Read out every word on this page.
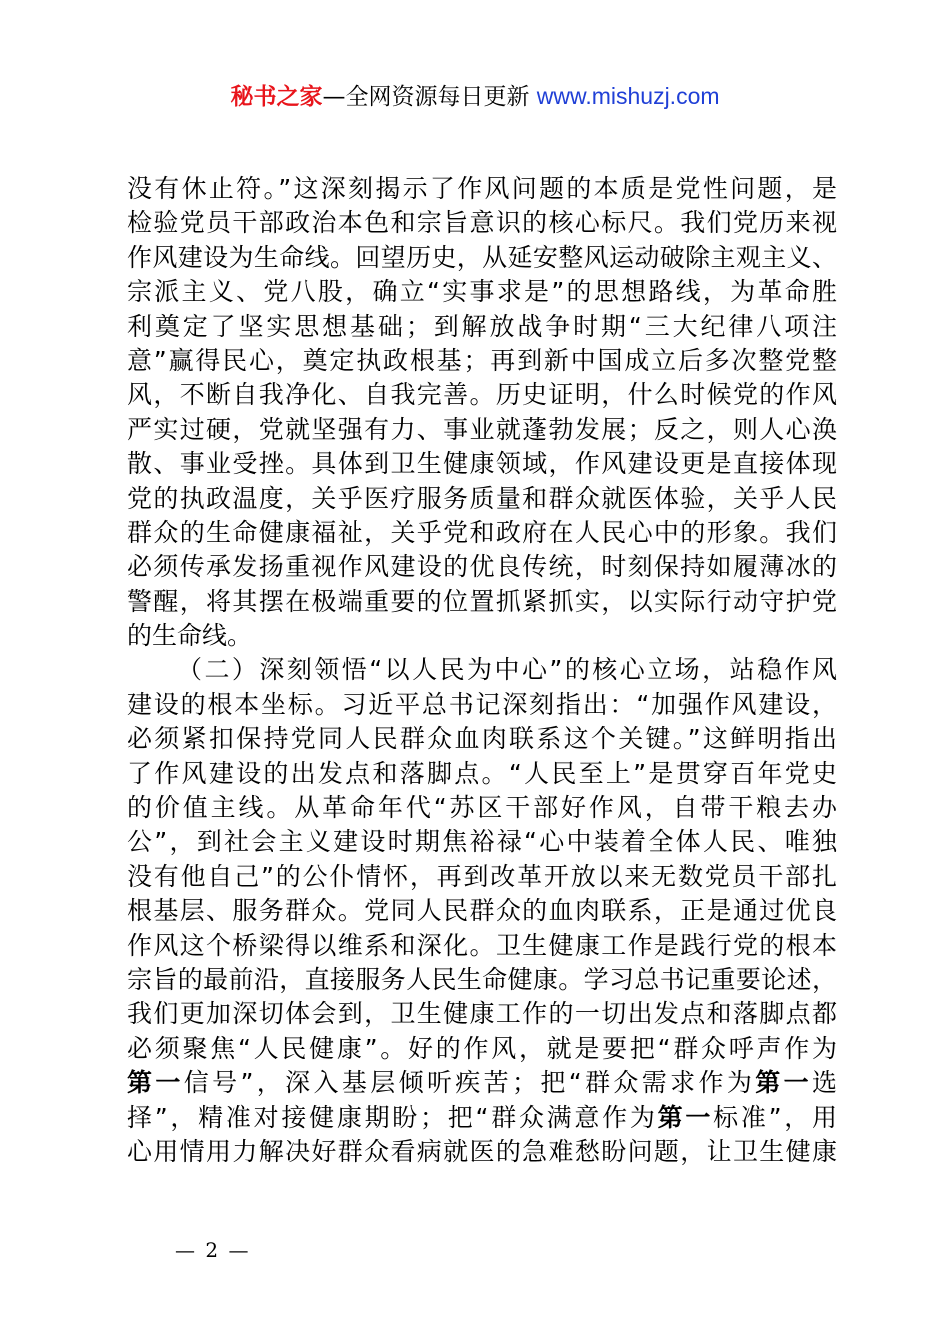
秘书之家—全网资源每日更新 www.mishuzj.com
没有休止符。”这深刻揭示了作风问题的本质是党性问题，是
检验党员干部政治本色和宗旨意识的核心标尺。我们党历来视
作风建设为生命线。回望历史，从延安整风运动破除主观主义、
宗派主义、党八股，确立“实事求是”的思想路线，为革命胜
利奠定了坚实思想基础；到解放战争时期“三大纪律八项注
意”赢得民心，奠定执政根基；再到新中国成立后多次整党整
风，不断自我净化、自我完善。历史证明，什么时候党的作风
严实过硬，党就坚强有力、事业就蓬勃发展；反之，则人心涣
散、事业受挫。具体到卫生健康领域，作风建设更是直接体现
党的执政温度，关乎医疗服务质量和群众就医体验，关乎人民
群众的生命健康福祉，关乎党和政府在人民心中的形象。我们
必须传承发扬重视作风建设的优良传统，时刻保持如履薄冰的
警醒，将其摆在极端重要的位置抓紧抓实，以实际行动守护党
的生命线。
（二）深刻领悟“以人民为中心”的核心立场，站稳作风
建设的根本坐标。习近平总书记深刻指出：“加强作风建设，
必须紧扣保持党同人民群众血肉联系这个关键。”这鲜明指出
了作风建设的出发点和落脚点。“人民至上”是贯穿百年党史
的价值主线。从革命年代“苏区干部好作风，自带干粮去办
公”，到社会主义建设时期焦裕禄“心中装着全体人民、唯独
没有他自己”的公仆情怀，再到改革开放以来无数党员干部扎
根基层、服务群众。党同人民群众的血肉联系，正是通过优良
作风这个桥梁得以维系和深化。卫生健康工作是践行党的根本
宗旨的最前沿，直接服务人民生命健康。学习总书记重要论述，
我们更加深切体会到，卫生健康工作的一切出发点和落脚点都
必须聚焦“人民健康”。好的作风，就是要把“群众呼声作为
第一信号”，深入基层倾听疾苦；把“群众需求作为第一选
择”，精准对接健康期盼；把“群众满意作为第一标准”，用
心用情用力解决好群众看病就医的急难愁盼问题，让卫生健康
— 2 —
